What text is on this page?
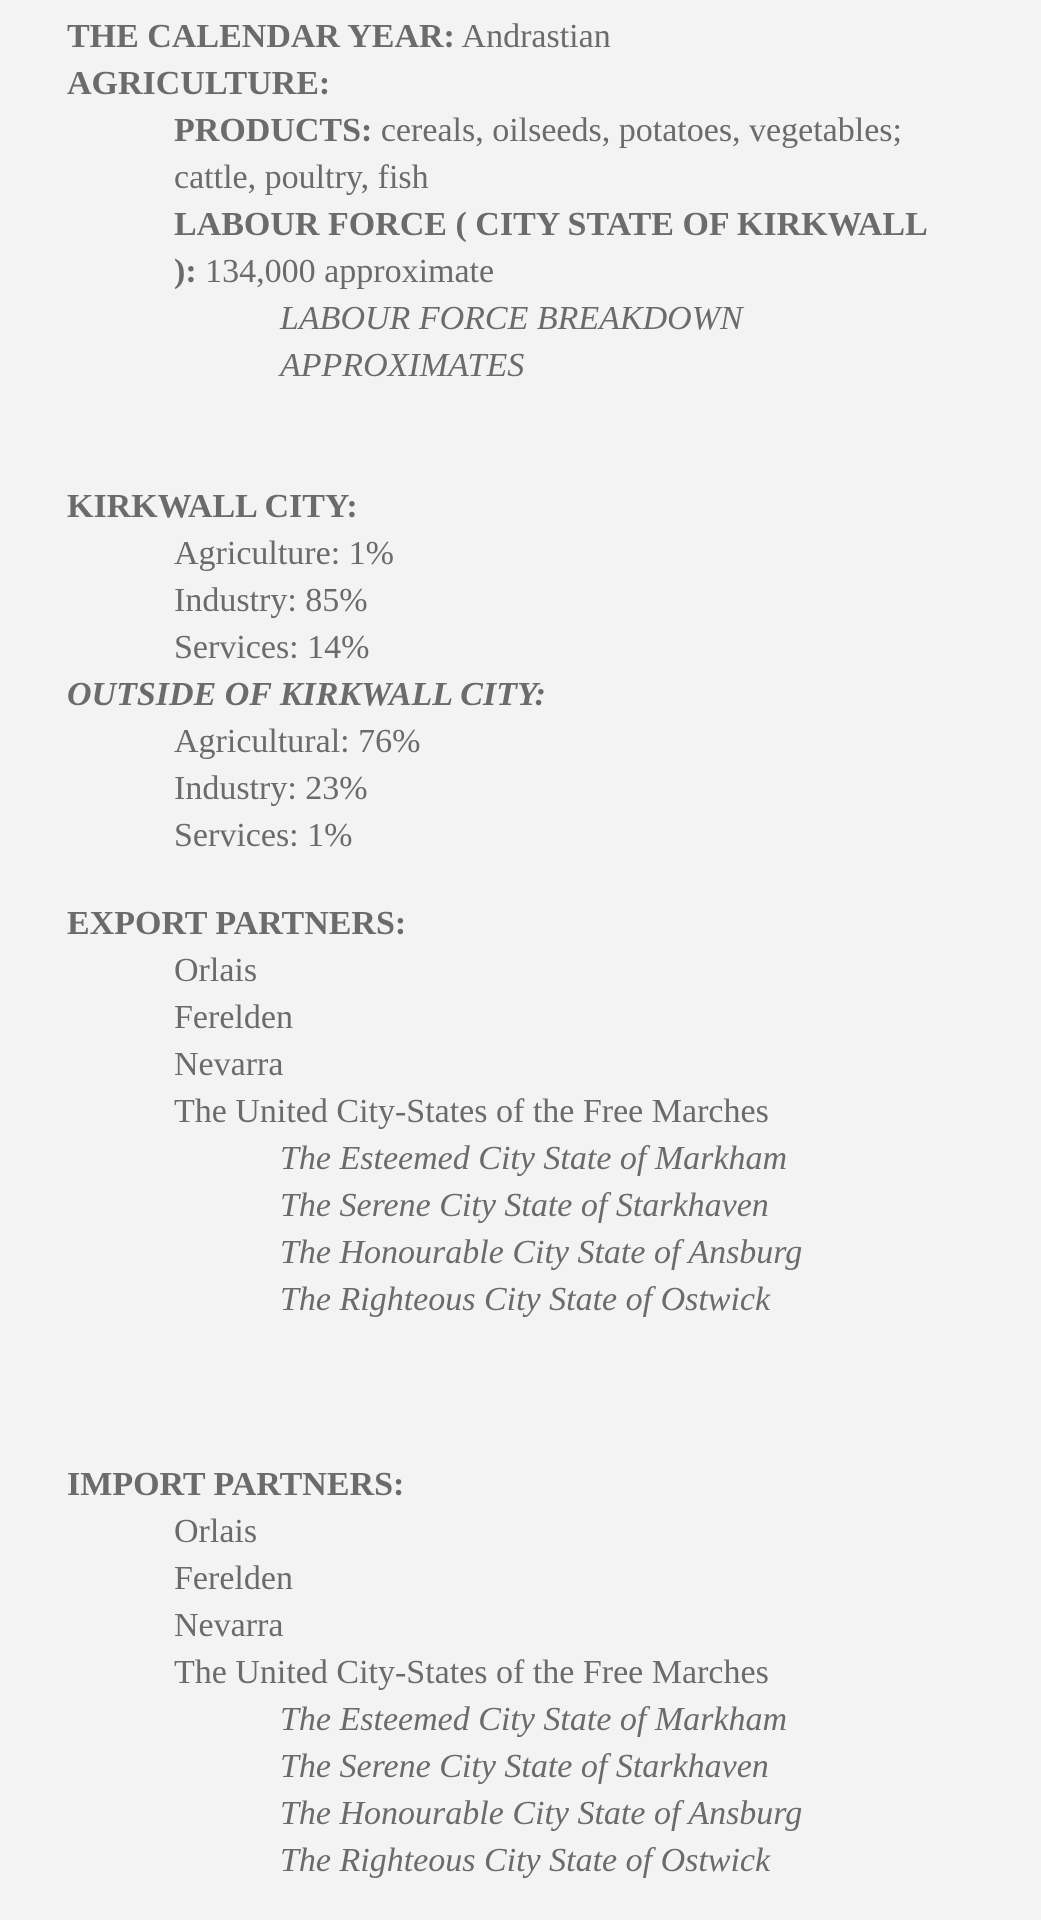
THE CALENDAR YEAR: Andrastian
AGRICULTURE:
PRODUCTS: cereals, oilseeds, potatoes, vegetables;
cattle, poultry, fish
LABOUR FORCE ( CITY STATE OF KIRKWALL
): 134,000 approximate
LABOUR FORCE BREAKDOWN
APPROXIMATES
KIRKWALL CITY:
Agriculture: 1%
Industry: 85%
Services: 14%
OUTSIDE OF KIRKWALL CITY:
Agricultural: 76%
Industry: 23%
Services: 1%
EXPORT PARTNERS:
Orlais
Ferelden
Nevarra
The United City-States of the Free Marches
The Esteemed City State of Markham
The Serene City State of Starkhaven
The Honourable City State of Ansburg
The Righteous City State of Ostwick
IMPORT PARTNERS:
Orlais
Ferelden
Nevarra
The United City-States of the Free Marches
The Esteemed City State of Markham
The Serene City State of Starkhaven
The Honourable City State of Ansburg
The Righteous City State of Ostwick
